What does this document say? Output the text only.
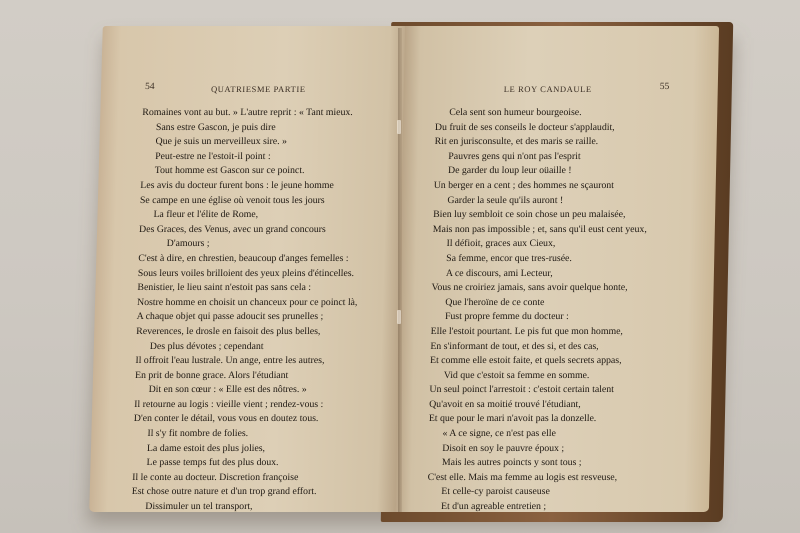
54	QUATRIESME PARTIE
Romaines vont au but. » L'autre reprit : « Tant mieux.
Sans estre Gascon, je puis dire
Que je suis un merveilleux sire. »
Peut-estre ne l'estoit-il point :
Tout homme est Gascon sur ce poinct.
Les avis du docteur furent bons : le jeune homme
Se campe en une église où venoit tous les jours
La fleur et l'élite de Rome,
Des Graces, des Venus, avec un grand concours
D'amours ;
C'est à dire, en chrestien, beaucoup d'anges femelles :
Sous leurs voiles brilloient des yeux pleins d'étincelles.
Benistier, le lieu saint n'estoit pas sans cela :
Nostre homme en choisit un chanceux pour ce poinct là,
A chaque objet qui passe adoucit ses prunelles ;
Reverences, le drosle en faisoit des plus belles,
Des plus dévotes ; cependant
Il offroit l'eau lustrale. Un ange, entre les autres,
En prit de bonne grace. Alors l'étudiant
Dit en son cœur : « Elle est des nôtres. »
Il retourne au logis : vieille vient ; rendez-vous :
D'en conter le détail, vous vous en doutez tous.
Il s'y fit nombre de folies.
La dame estoit des plus jolies,
Le passe temps fut des plus doux.
Il le conte au docteur. Discretion françoise
Est chose outre nature et d'un trop grand effort.
Dissimuler un tel transport,
LE ROY CANDAULE	55
Cela sent son humeur bourgeoise.
Du fruit de ses conseils le docteur s'applaudit,
Rit en jurisconsulte, et des maris se raille.
Pauvres gens qui n'ont pas l'esprit
De garder du loup leur oüaille !
Un berger en a cent ; des hommes ne sçauront
Garder la seule qu'ils auront !
Bien luy sembloit ce soin chose un peu malaisée,
Mais non pas impossible ; et, sans qu'il eust cent yeux,
Il défioit, graces aux Cieux,
Sa femme, encor que tres-rusée.
A ce discours, ami Lecteur,
Vous ne croiriez jamais, sans avoir quelque honte,
Que l'heroïne de ce conte
Fust propre femme du docteur :
Elle l'estoit pourtant. Le pis fut que mon homme,
En s'informant de tout, et des si, et des cas,
Et comme elle estoit faite, et quels secrets appas,
Vid que c'estoit sa femme en somme.
Un seul poinct l'arrestoit : c'estoit certain talent
Qu'avoit en sa moitié trouvé l'étudiant,
Et que pour le mari n'avoit pas la donzelle.
« A ce signe, ce n'est pas elle
Disoit en soy le pauvre époux ;
Mais les autres poincts y sont tous ;
C'est elle. Mais ma femme au logis est resveuse,
Et celle-cy paroist causeuse
Et d'un agreable entretien ;
